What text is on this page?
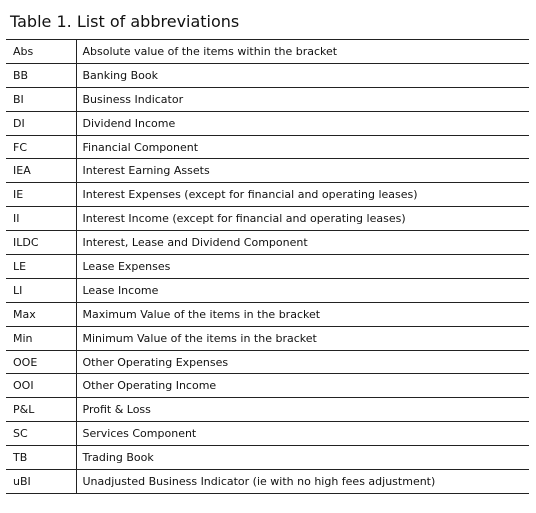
Table 1. List of abbreviations
Abs	Absolute value of the items within the bracket
BB	Banking Book
BI	Business Indicator
DI	Dividend Income
FC	Financial Component
IEA	Interest Earning Assets
IE	Interest Expenses (except for financial and operating leases)
II	Interest Income (except for financial and operating leases)
ILDC	Interest, Lease and Dividend Component
LE	Lease Expenses
LI	Lease Income
Max	Maximum Value of the items in the bracket
Min	Minimum Value of the items in the bracket
OOE	Other Operating Expenses
OOI	Other Operating Income
P&L	Profit & Loss
SC	Services Component
TB	Trading Book
uBI	Unadjusted Business Indicator (ie with no high fees adjustment)
